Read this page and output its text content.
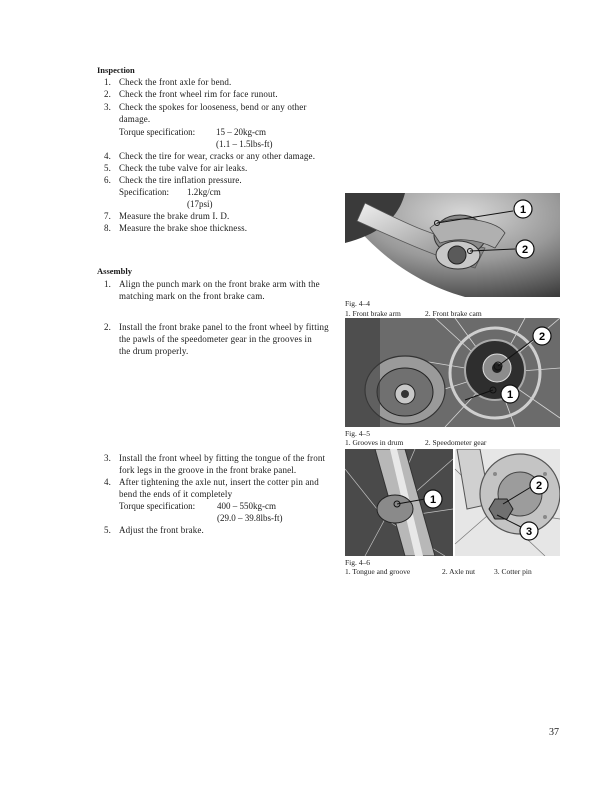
Inspection
1. Check the front axle for bend.
2. Check the front wheel rim for face runout.
3. Check the spokes for looseness, bend or any other
damage.
Torque specification: 15 – 20kg-cm
(1.1 – 1.5lbs-ft)
4. Check the tire for wear, cracks or any other damage.
5. Check the tube valve for air leaks.
6. Check the tire inflation pressure.
Specification: 1.2kg/cm
(17psi)
7. Measure the brake drum I. D.
8. Measure the brake shoe thickness.
Assembly
1. Align the punch mark on the front brake arm with the
matching mark on the front brake cam.
2. Install the front brake panel to the front wheel by fitting
the pawls of the speedometer gear in the grooves in
the drum properly.
3. Install the front wheel by fitting the tongue of the front
fork legs in the groove in the front brake panel.
4. After tightening the axle nut, insert the cotter pin and
bend the ends of it completely
Torque specification: 400 – 550kg-cm
(29.0 – 39.8lbs-ft)
5. Adjust the front brake.
1
2
Fig. 4–4
1. Front brake arm	2. Front brake cam
2
1
Fig. 4–5
1. Grooves in drum	2. Speedometer gear
1
2
3
Fig. 4–6
1. Tongue and groove	2. Axle nut	3. Cotter pin
37
